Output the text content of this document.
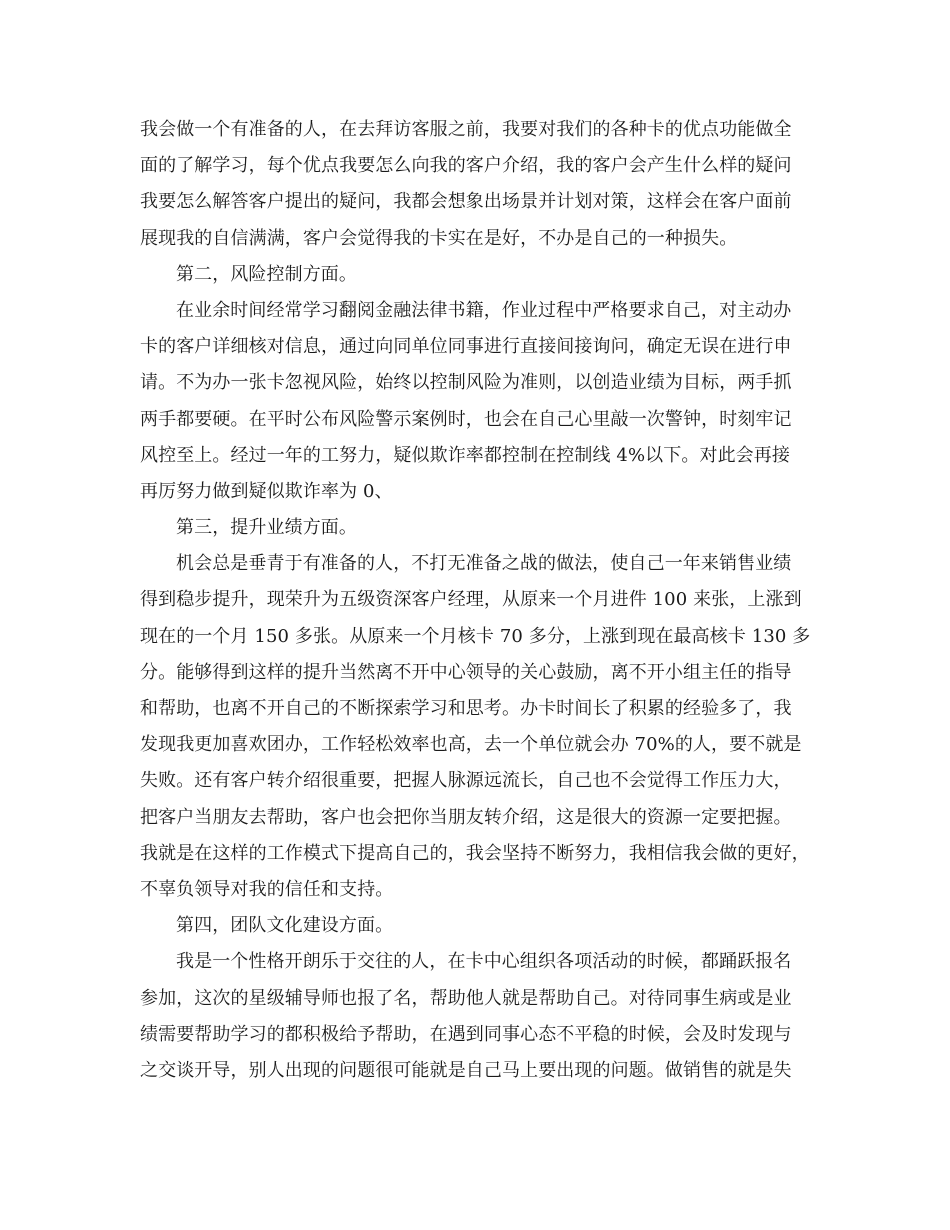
我会做一个有准备的人，在去拜访客服之前，我要对我们的各种卡的优点功能做全
面的了解学习，每个优点我要怎么向我的客户介绍，我的客户会产生什么样的疑问
我要怎么解答客户提出的疑问，我都会想象出场景并计划对策，这样会在客户面前
展现我的自信满满，客户会觉得我的卡实在是好，不办是自己的一种损失。
第二，风险控制方面。
在业余时间经常学习翻阅金融法律书籍，作业过程中严格要求自己，对主动办
卡的客户详细核对信息，通过向同单位同事进行直接间接询问，确定无误在进行申
请。不为办一张卡忽视风险，始终以控制风险为准则，以创造业绩为目标，两手抓
两手都要硬。在平时公布风险警示案例时，也会在自己心里敲一次警钟，时刻牢记
风控至上。经过一年的工努力，疑似欺诈率都控制在控制线 4%以下。对此会再接
再厉努力做到疑似欺诈率为 0、
第三，提升业绩方面。
机会总是垂青于有准备的人，不打无准备之战的做法，使自己一年来销售业绩
得到稳步提升，现荣升为五级资深客户经理，从原来一个月进件 100 来张，上涨到
现在的一个月 150 多张。从原来一个月核卡 70 多分，上涨到现在最高核卡 130 多
分。能够得到这样的提升当然离不开中心领导的关心鼓励，离不开小组主任的指导
和帮助，也离不开自己的不断探索学习和思考。办卡时间长了积累的经验多了，我
发现我更加喜欢团办，工作轻松效率也高，去一个单位就会办 70%的人，要不就是
失败。还有客户转介绍很重要，把握人脉源远流长，自己也不会觉得工作压力大，
把客户当朋友去帮助，客户也会把你当朋友转介绍，这是很大的资源一定要把握。
我就是在这样的工作模式下提高自己的，我会坚持不断努力，我相信我会做的更好，
不辜负领导对我的信任和支持。
第四，团队文化建设方面。
我是一个性格开朗乐于交往的人，在卡中心组织各项活动的时候，都踊跃报名
参加，这次的星级辅导师也报了名，帮助他人就是帮助自己。对待同事生病或是业
绩需要帮助学习的都积极给予帮助，在遇到同事心态不平稳的时候，会及时发现与
之交谈开导，别人出现的问题很可能就是自己马上要出现的问题。做销售的就是失
